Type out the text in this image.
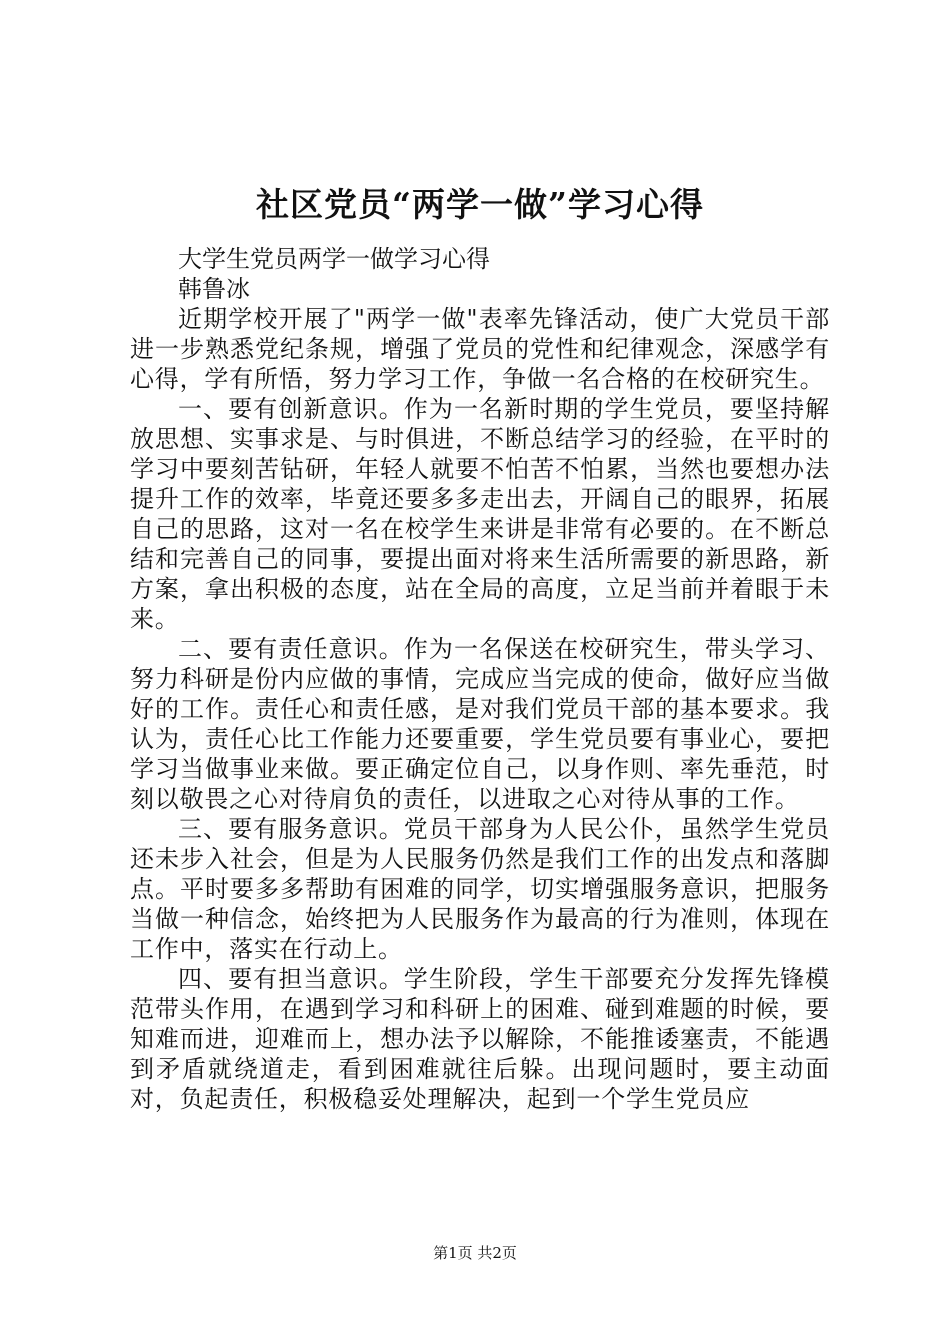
社区党员“两学一做”学习心得

大学生党员两学一做学习心得

韩鲁冰

近期学校开展了"两学一做"表率先锋活动，使广大党员干部进一步熟悉党纪条规，增强了党员的党性和纪律观念，深感学有心得，学有所悟，努力学习工作，争做一名合格的在校研究生。

一、要有创新意识。作为一名新时期的学生党员，要坚持解放思想、实事求是、与时俱进，不断总结学习的经验，在平时的学习中要刻苦钻研，年轻人就要不怕苦不怕累，当然也要想办法提升工作的效率，毕竟还要多多走出去，开阔自己的眼界，拓展自己的思路，这对一名在校学生来讲是非常有必要的。在不断总结和完善自己的同事，要提出面对将来生活所需要的新思路，新方案，拿出积极的态度，站在全局的高度，立足当前并着眼于未来。

二、要有责任意识。作为一名保送在校研究生，带头学习、努力科研是份内应做的事情，完成应当完成的使命，做好应当做好的工作。责任心和责任感，是对我们党员干部的基本要求。我认为，责任心比工作能力还要重要，学生党员要有事业心，要把学习当做事业来做。要正确定位自己，以身作则、率先垂范，时刻以敬畏之心对待肩负的责任，以进取之心对待从事的工作。

三、要有服务意识。党员干部身为人民公仆，虽然学生党员还未步入社会，但是为人民服务仍然是我们工作的出发点和落脚点。平时要多多帮助有困难的同学，切实增强服务意识，把服务当做一种信念，始终把为人民服务作为最高的行为准则，体现在工作中，落实在行动上。

四、要有担当意识。学生阶段，学生干部要充分发挥先锋模范带头作用，在遇到学习和科研上的困难、碰到难题的时候，要知难而进，迎难而上，想办法予以解除，不能推诿塞责，不能遇到矛盾就绕道走，看到困难就往后躲。出现问题时，要主动面对，负起责任，积极稳妥处理解决，起到一个学生党员应

第1页 共2页
